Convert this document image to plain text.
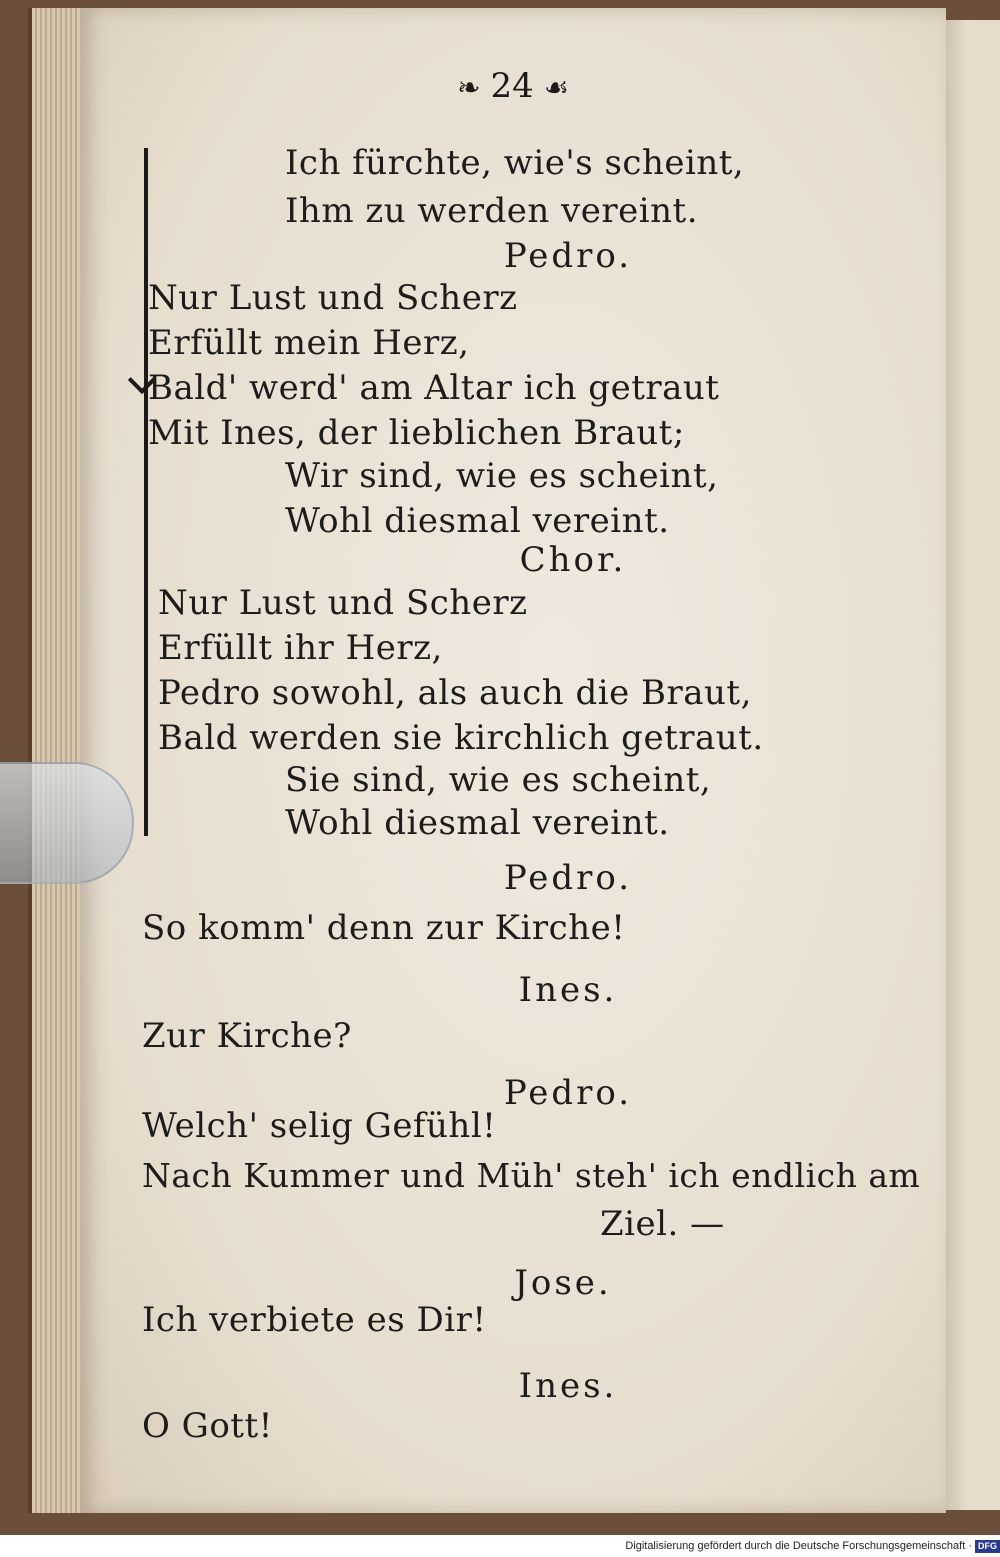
❧ 24 ☙
Ich fürchte, wie's scheint,
Ihm zu werden vereint.
Pedro.
Nur Lust und Scherz
Erfüllt mein Herz,
Bald' werd' am Altar ich getraut
Mit Ines, der lieblichen Braut;
Wir sind, wie es scheint,
Wohl diesmal vereint.
Chor.
Nur Lust und Scherz
Erfüllt ihr Herz,
Pedro sowohl, als auch die Braut,
Bald werden sie kirchlich getraut.
Sie sind, wie es scheint,
Wohl diesmal vereint.
Pedro.
So komm' denn zur Kirche!
Ines.
Zur Kirche?
Pedro.
Welch' selig Gefühl!
Nach Kummer und Müh' steh' ich endlich am
Ziel. —
Jose.
Ich verbiete es Dir!
Ines.
O Gott!
Digitalisierung gefördert durch die Deutsche Forschungsgemeinschaft · DFG
